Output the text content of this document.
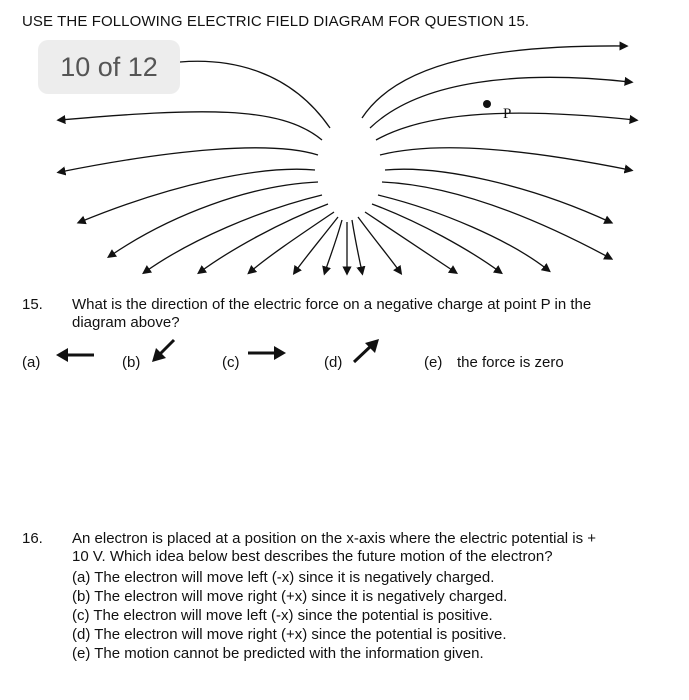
USE THE FOLLOWING ELECTRIC FIELD DIAGRAM FOR QUESTION 15.
P
10 of 12
15. What is the direction of the electric force on a negative charge at point P in the
diagram above?
(a)	(b)	(c)	(d)	(e) the force is zero
16. An electron is placed at a position on the x-axis where the electric potential is +
10 V. Which idea below best describes the future motion of the electron?
(a) The electron will move left (-x) since it is negatively charged.
(b) The electron will move right (+x) since it is negatively charged.
(c) The electron will move left (-x) since the potential is positive.
(d) The electron will move right (+x) since the potential is positive.
(e) The motion cannot be predicted with the information given.
